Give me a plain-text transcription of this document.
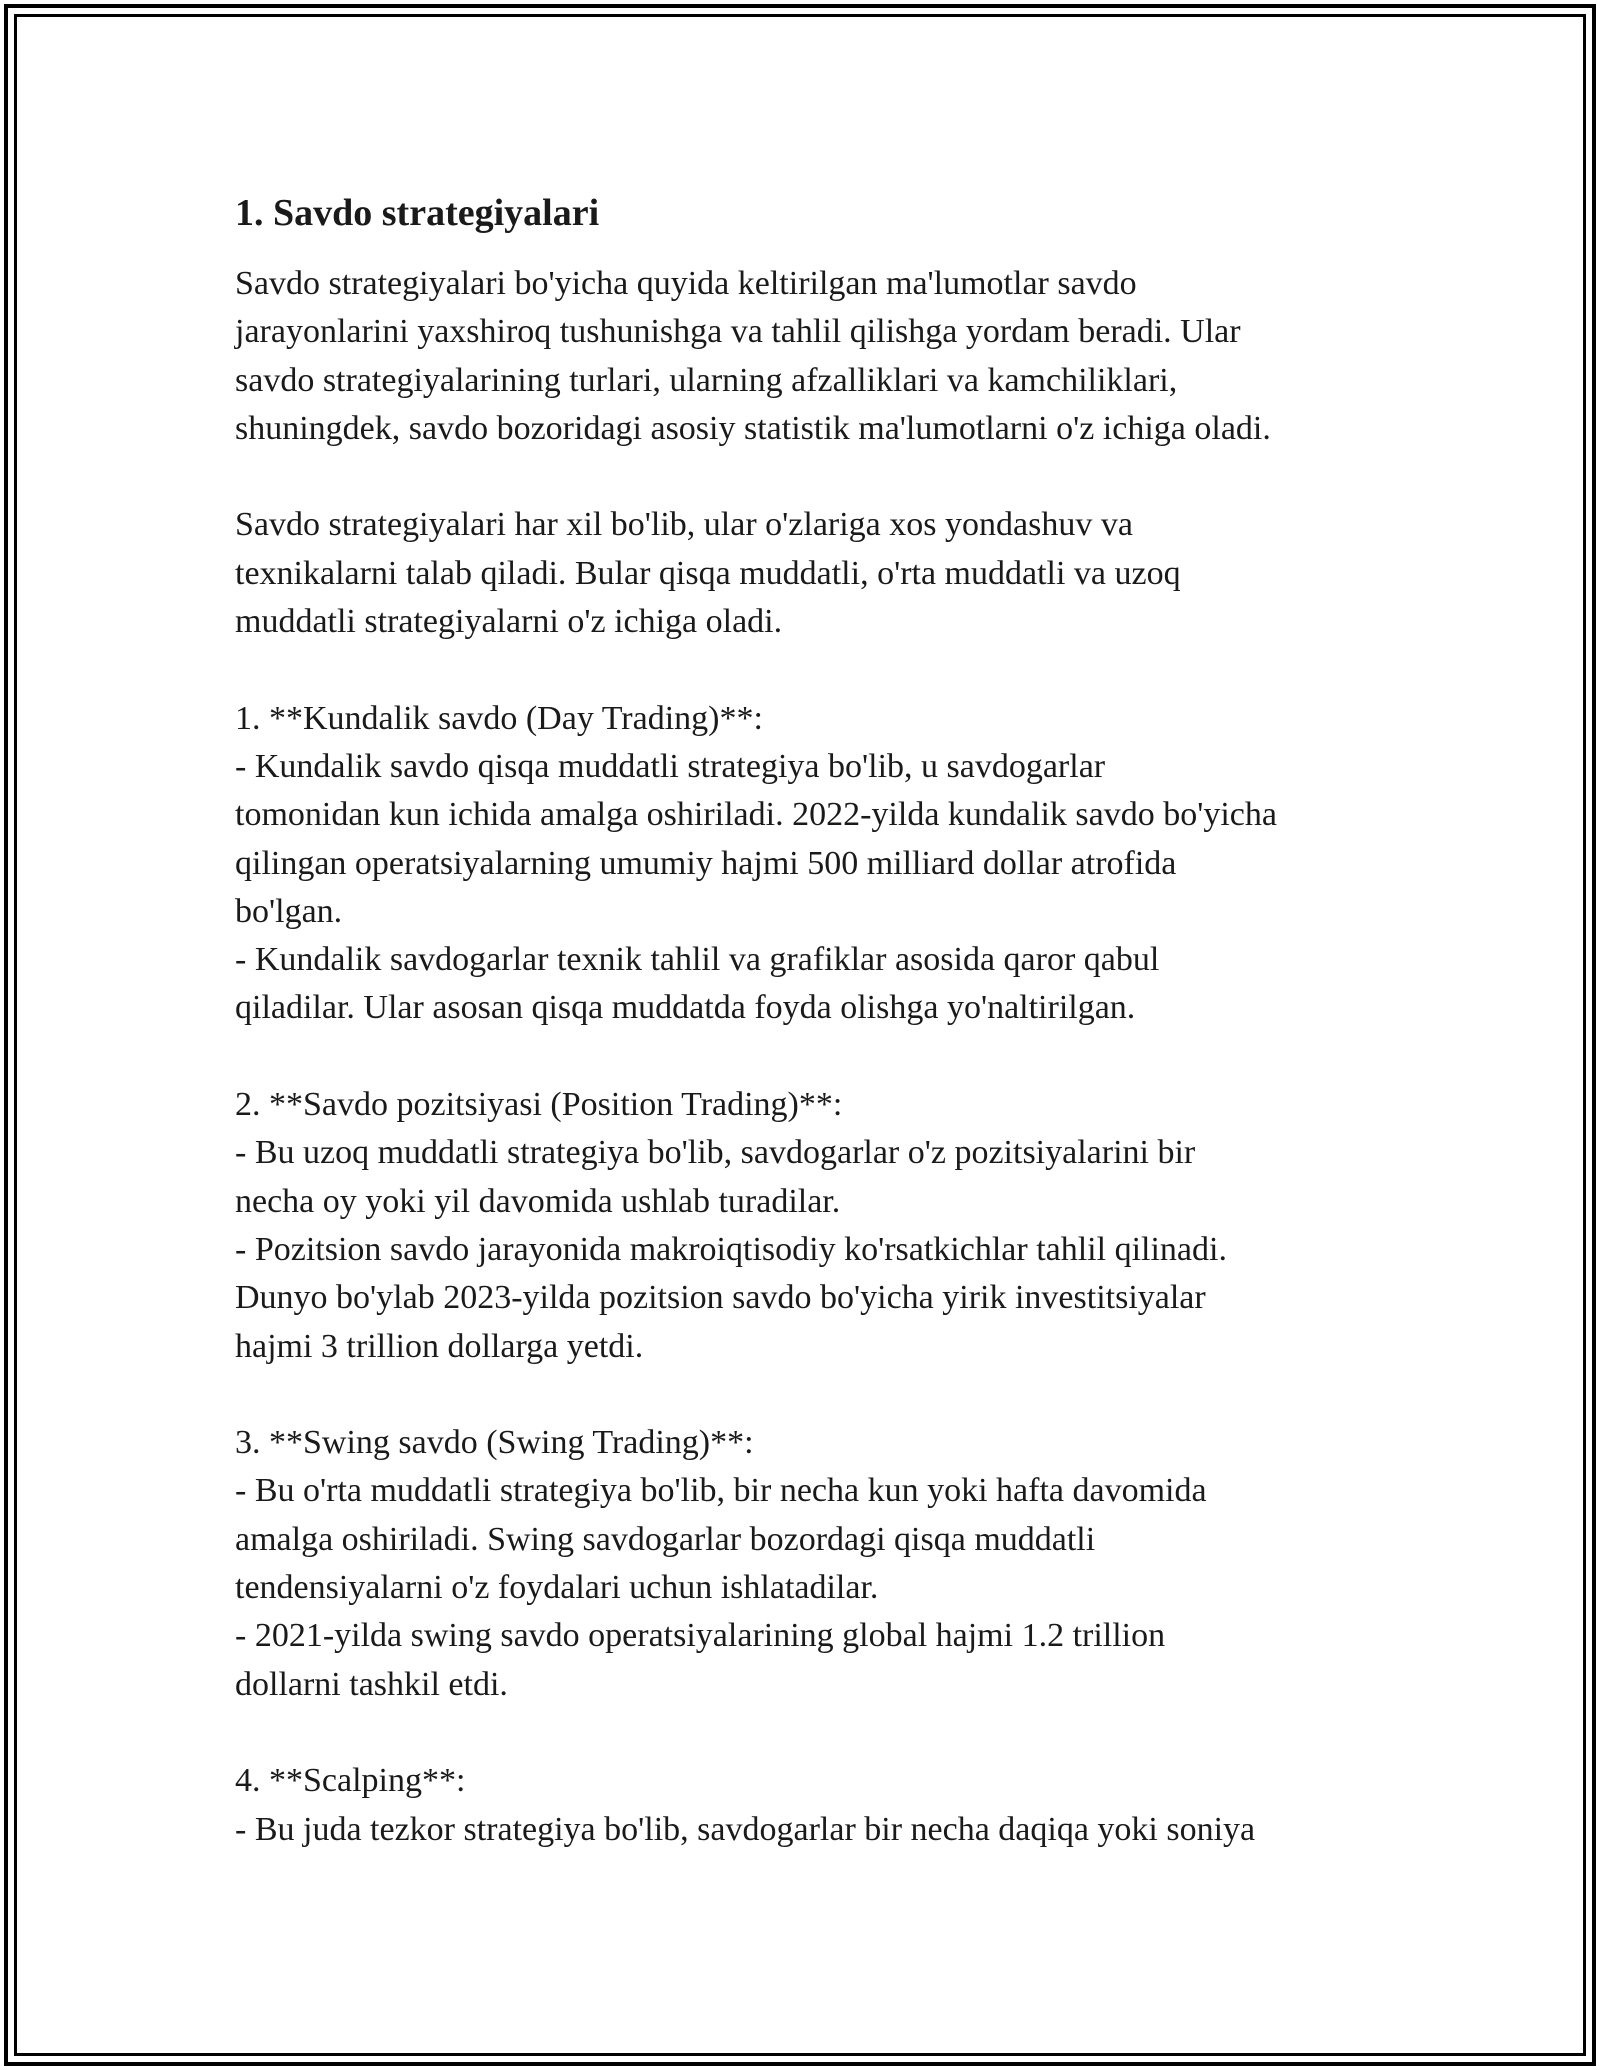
1. Savdo strategiyalari

Savdo strategiyalari bo'yicha quyida keltirilgan ma'lumotlar savdo
jarayonlarini yaxshiroq tushunishga va tahlil qilishga yordam beradi. Ular
savdo strategiyalarining turlari, ularning afzalliklari va kamchiliklari,
shuningdek, savdo bozoridagi asosiy statistik ma'lumotlarni o'z ichiga oladi.

Savdo strategiyalari har xil bo'lib, ular o'zlariga xos yondashuv va
texnikalarni talab qiladi. Bular qisqa muddatli, o'rta muddatli va uzoq
muddatli strategiyalarni o'z ichiga oladi.

1. **Kundalik savdo (Day Trading)**:
- Kundalik savdo qisqa muddatli strategiya bo'lib, u savdogarlar
tomonidan kun ichida amalga oshiriladi. 2022-yilda kundalik savdo bo'yicha
qilingan operatsiyalarning umumiy hajmi 500 milliard dollar atrofida
bo'lgan.
- Kundalik savdogarlar texnik tahlil va grafiklar asosida qaror qabul
qiladilar. Ular asosan qisqa muddatda foyda olishga yo'naltirilgan.

2. **Savdo pozitsiyasi (Position Trading)**:
- Bu uzoq muddatli strategiya bo'lib, savdogarlar o'z pozitsiyalarini bir
necha oy yoki yil davomida ushlab turadilar.
- Pozitsion savdo jarayonida makroiqtisodiy ko'rsatkichlar tahlil qilinadi.
Dunyo bo'ylab 2023-yilda pozitsion savdo bo'yicha yirik investitsiyalar
hajmi 3 trillion dollarga yetdi.

3. **Swing savdo (Swing Trading)**:
- Bu o'rta muddatli strategiya bo'lib, bir necha kun yoki hafta davomida
amalga oshiriladi. Swing savdogarlar bozordagi qisqa muddatli
tendensiyalarni o'z foydalari uchun ishlatadilar.
- 2021-yilda swing savdo operatsiyalarining global hajmi 1.2 trillion
dollarni tashkil etdi.

4. **Scalping**:
- Bu juda tezkor strategiya bo'lib, savdogarlar bir necha daqiqa yoki soniya
